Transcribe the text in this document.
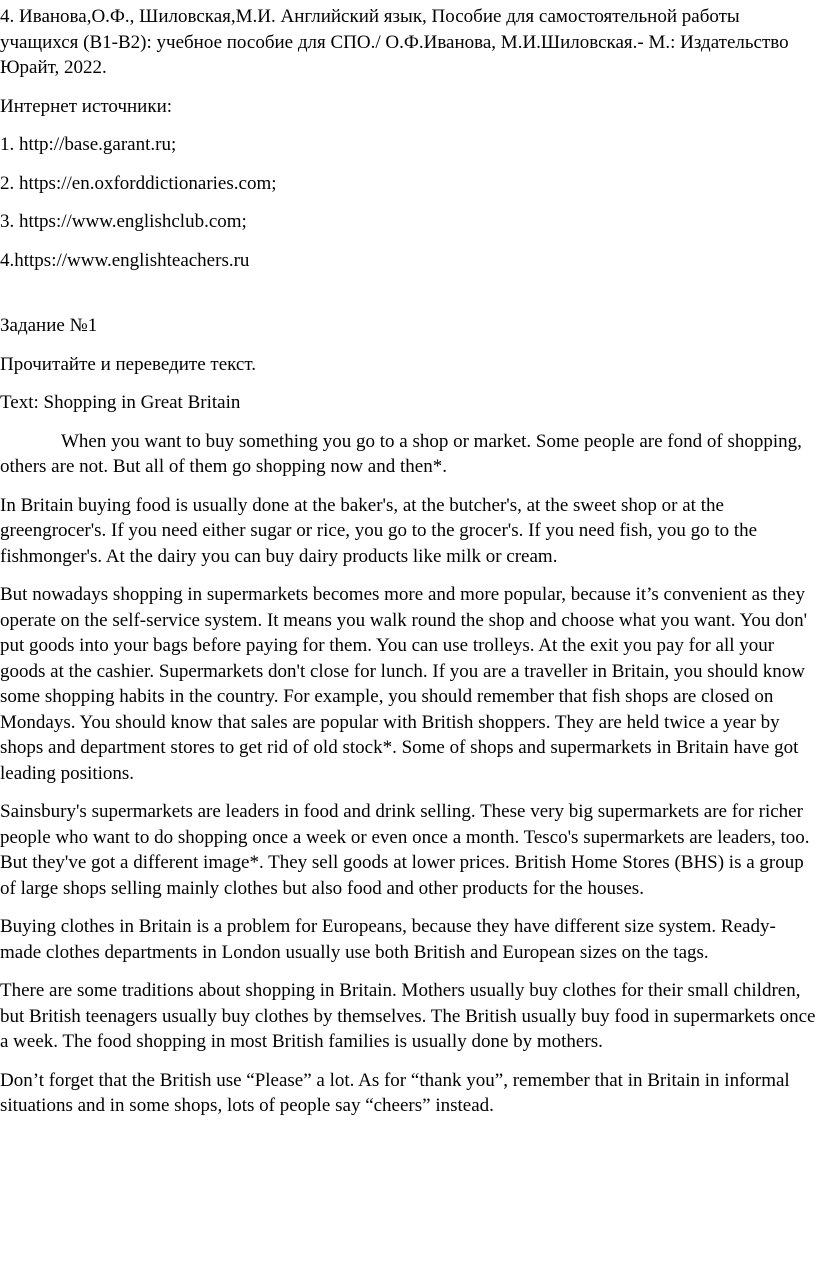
4. Иванова,О.Ф., Шиловская,М.И. Английский язык, Пособие для самостоятельной работы учащихся (В1-В2): учебное пособие для СПО./ О.Ф.Иванова, М.И.Шиловская.- М.: Издательство Юрайт, 2022.

Интернет источники:

1. http://base.garant.ru;
2. https://en.oxforddictionaries.com;
3. https://www.englishclub.com;
4.https://www.englishteachers.ru

Задание №1

Прочитайте и переведите текст.

Text: Shopping in Great Britain

When you want to buy something you go to a shop or market. Some people are fond of shopping, others are not. But all of them go shopping now and then*.

In Britain buying food is usually done at the baker's, at the butcher's, at the sweet shop or at the greengrocer's. If you need either sugar or rice, you go to the grocer's. If you need fish, you go to the fishmonger's. At the dairy you can buy dairy products like milk or cream.

But nowadays shopping in supermarkets becomes more and more popular, because it’s convenient as they operate on the self-service system. It means you walk round the shop and choose what you want. You don' put goods into your bags before paying for them. You can use trolleys. At the exit you pay for all your goods at the cashier. Supermarkets don't close for lunch. If you are a traveller in Britain, you should know some shopping habits in the country. For example, you should remember that fish shops are closed on Mondays. You should know that sales are popular with British shoppers. They are held twice a year by shops and department stores to get rid of old stock*. Some of shops and supermarkets in Britain have got leading positions.

Sainsbury's supermarkets are leaders in food and drink selling. These very big supermarkets are for richer people who want to do shopping once a week or even once a month. Tesco's supermarkets are leaders, too. But they've got a different image*. They sell goods at lower prices. British Home Stores (BHS) is a group of large shops selling mainly clothes but also food and other products for the houses.

Buying clothes in Britain is a problem for Europeans, because they have different size system. Ready-made clothes departments in London usually use both British and European sizes on the tags.

There are some traditions about shopping in Britain. Mothers usually buy clothes for their small children, but British teenagers usually buy clothes by themselves. The British usually buy food in supermarkets once a week. The food shopping in most British families is usually done by mothers.

Don’t forget that the British use “Please” a lot. As for “thank you”, remember that in Britain in informal situations and in some shops, lots of people say “cheers” instead.
